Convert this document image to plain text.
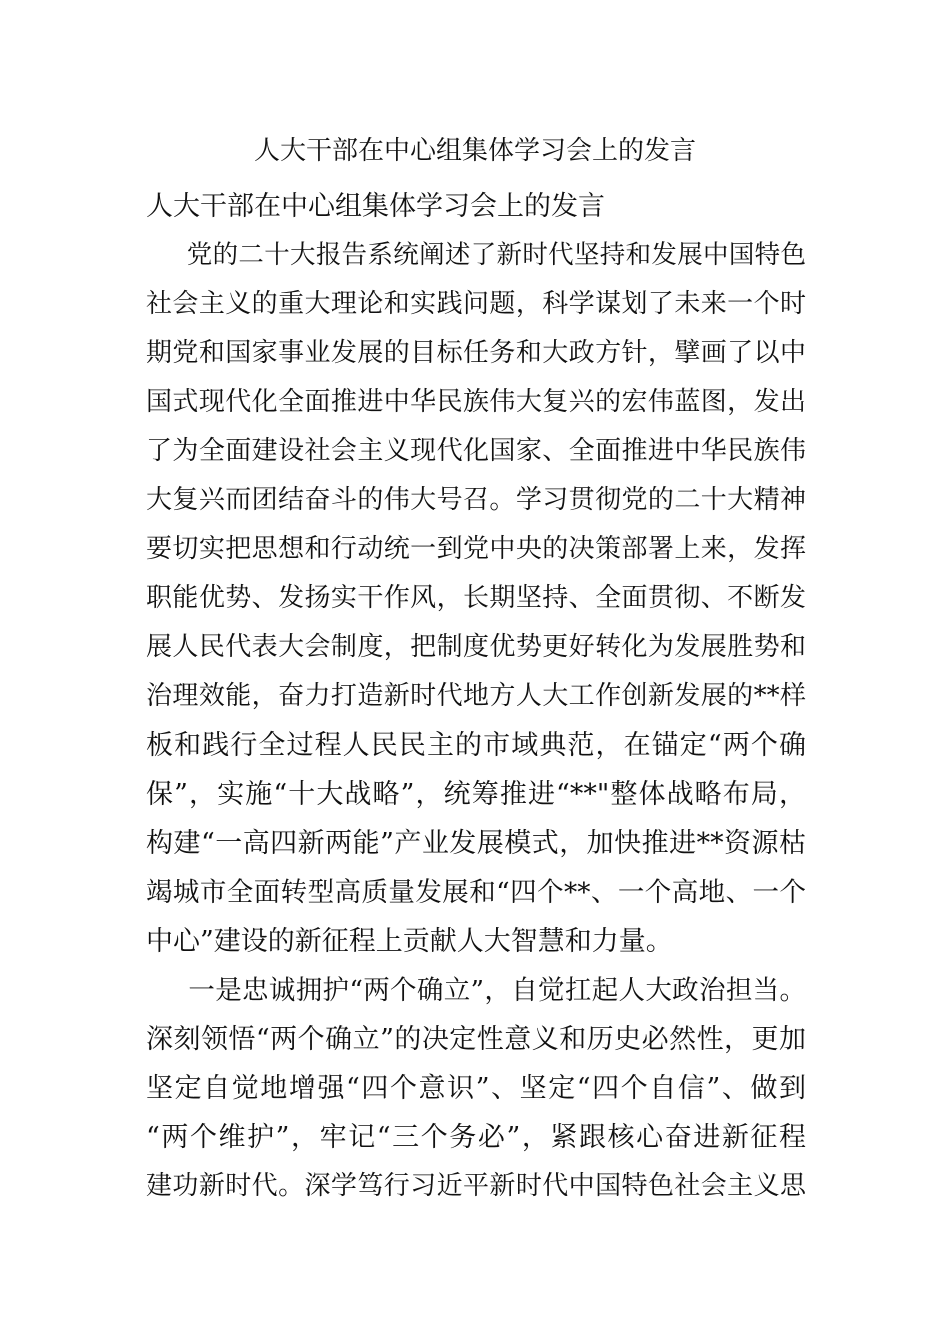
人大干部在中心组集体学习会上的发言
人大干部在中心组集体学习会上的发言
党的二十大报告系统阐述了新时代坚持和发展中国特色
社会主义的重大理论和实践问题，科学谋划了未来一个时
期党和国家事业发展的目标任务和大政方针，擘画了以中
国式现代化全面推进中华民族伟大复兴的宏伟蓝图，发出
了为全面建设社会主义现代化国家、全面推进中华民族伟
大复兴而团结奋斗的伟大号召。学习贯彻党的二十大精神
要切实把思想和行动统一到党中央的决策部署上来，发挥
职能优势、发扬实干作风，长期坚持、全面贯彻、不断发
展人民代表大会制度，把制度优势更好转化为发展胜势和
治理效能，奋力打造新时代地方人大工作创新发展的**样
板和践行全过程人民民主的市域典范，在锚定“两个确
保”，实施“十大战略”，统筹推进“**"整体战略布局，
构建“一高四新两能”产业发展模式，加快推进**资源枯
竭城市全面转型高质量发展和“四个**、一个高地、一个
中心”建设的新征程上贡献人大智慧和力量。
一是忠诚拥护“两个确立”，自觉扛起人大政治担当。
深刻领悟“两个确立”的决定性意义和历史必然性，更加
坚定自觉地增强“四个意识”、坚定“四个自信”、做到
“两个维护”，牢记“三个务必”，紧跟核心奋进新征程
建功新时代。深学笃行习近平新时代中国特色社会主义思
